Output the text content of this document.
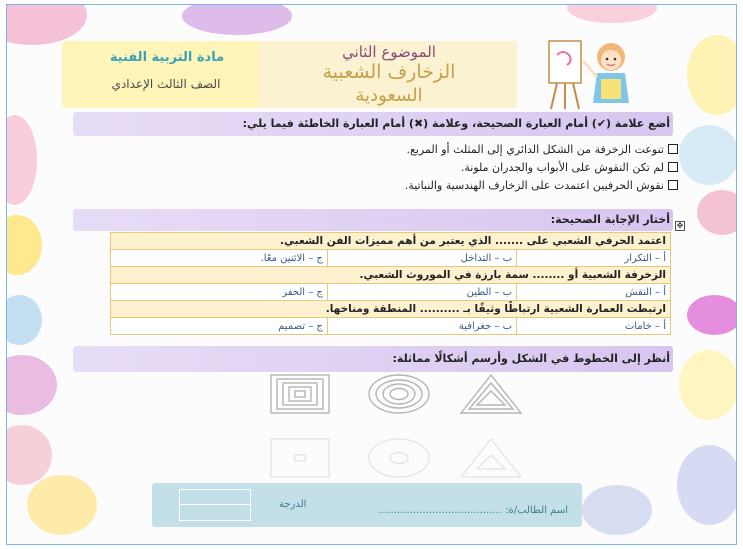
مادة التربية الفنية
الصف الثالث الإعدادي
الموضوع الثاني
الزخارف الشعبية
السعودية
أضع علامة (✔) أمام العبارة الصحيحة، وعلامة (✖) أمام العبارة الخاطئة فيما يلي:
تنوعت الزخرفة من الشكل الدائري إلى المثلث أو المربع.
لم تكن النقوش على الأبواب والجدران ملونة.
نقوش الحرفيين اعتمدت على الزخارف الهندسية والنباتية.
أختار الإجابة الصحيحة: ✥
اعتمد الحرفي الشعبي على ....... الذي يعتبر من أهم مميزات الفن الشعبي.		
أ – التكرار	ب – التداخل	ج – الاثنين معًا.
الزخرفة الشعبية أو ........ سمة بارزة في الموروث الشعبي.		
أ – النقش	ب – الطين	ج – الحفر
ارتبطت العمارة الشعبية ارتباطًا وثيقًا بـ .......... المنطقة ومناخها.		
أ – خامات	ب – جغرافية	ج – تصميم
أنظر إلى الخطوط في الشكل وأرسم أشكالًا مماثلة:
اسم الطالب/ة: .......................................
الدرجة
